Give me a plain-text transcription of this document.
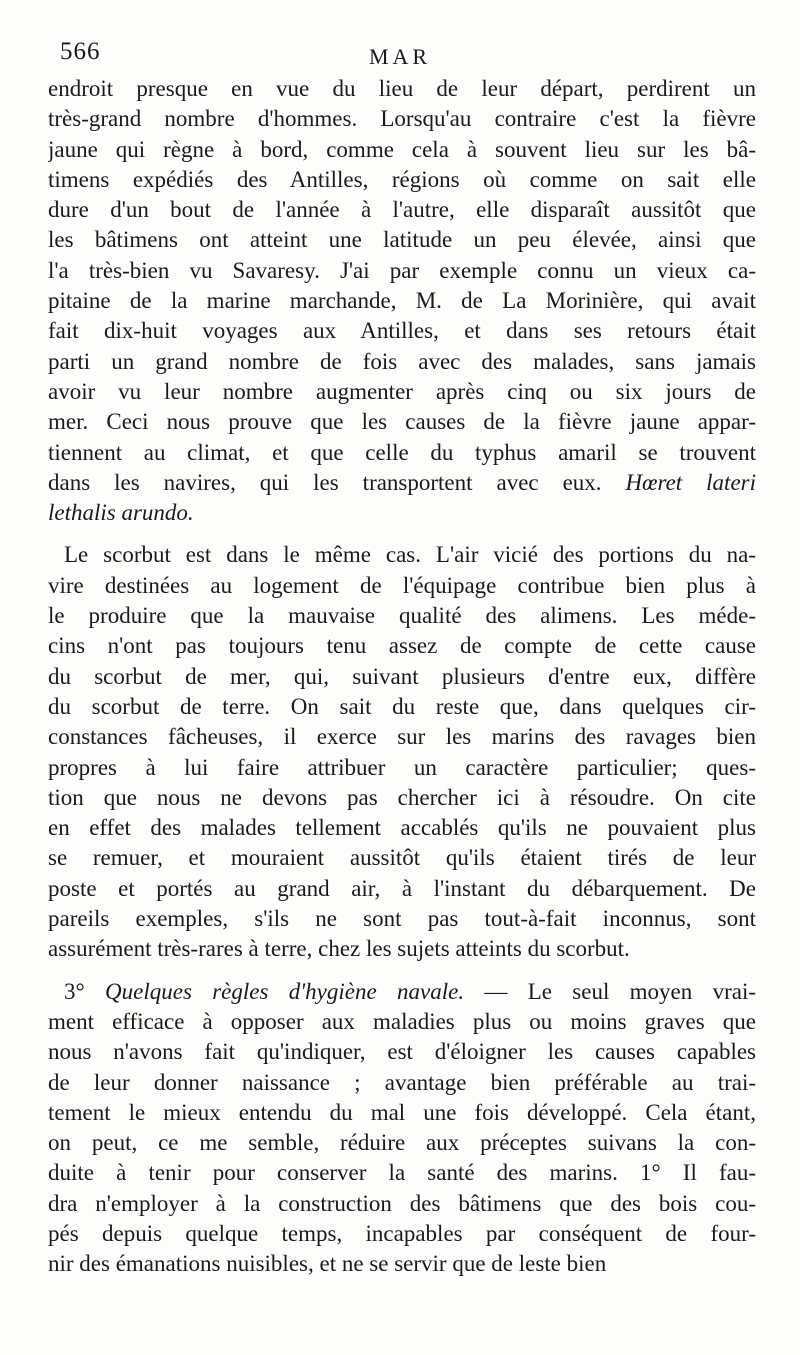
566	MAR
endroit presque en vue du lieu de leur départ, perdirent un
très-grand nombre d'hommes. Lorsqu'au contraire c'est la fièvre
jaune qui règne à bord, comme cela à souvent lieu sur les bâ-
timens expédiés des Antilles, régions où comme on sait elle
dure d'un bout de l'année à l'autre, elle disparaît aussitôt que
les bâtimens ont atteint une latitude un peu élevée, ainsi que
l'a très-bien vu Savaresy. J'ai par exemple connu un vieux ca-
pitaine de la marine marchande, M. de La Morinière, qui avait
fait dix-huit voyages aux Antilles, et dans ses retours était
parti un grand nombre de fois avec des malades, sans jamais
avoir vu leur nombre augmenter après cinq ou six jours de
mer. Ceci nous prouve que les causes de la fièvre jaune appar-
tiennent au climat, et que celle du typhus amaril se trouvent
dans les navires, qui les transportent avec eux. Hœret lateri
lethalis arundo.
Le scorbut est dans le même cas. L'air vicié des portions du na-
vire destinées au logement de l'équipage contribue bien plus à
le produire que la mauvaise qualité des alimens. Les méde-
cins n'ont pas toujours tenu assez de compte de cette cause
du scorbut de mer, qui, suivant plusieurs d'entre eux, diffère
du scorbut de terre. On sait du reste que, dans quelques cir-
constances fâcheuses, il exerce sur les marins des ravages bien
propres à lui faire attribuer un caractère particulier; ques-
tion que nous ne devons pas chercher ici à résoudre. On cite
en effet des malades tellement accablés qu'ils ne pouvaient plus
se remuer, et mouraient aussitôt qu'ils étaient tirés de leur
poste et portés au grand air, à l'instant du débarquement. De
pareils exemples, s'ils ne sont pas tout-à-fait inconnus, sont
assurément très-rares à terre, chez les sujets atteints du scorbut.
3° Quelques règles d'hygiène navale. — Le seul moyen vrai-
ment efficace à opposer aux maladies plus ou moins graves que
nous n'avons fait qu'indiquer, est d'éloigner les causes capables
de leur donner naissance ; avantage bien préférable au trai-
tement le mieux entendu du mal une fois développé. Cela étant,
on peut, ce me semble, réduire aux préceptes suivans la con-
duite à tenir pour conserver la santé des marins. 1° Il fau-
dra n'employer à la construction des bâtimens que des bois cou-
pés depuis quelque temps, incapables par conséquent de four-
nir des émanations nuisibles, et ne se servir que de leste bien
